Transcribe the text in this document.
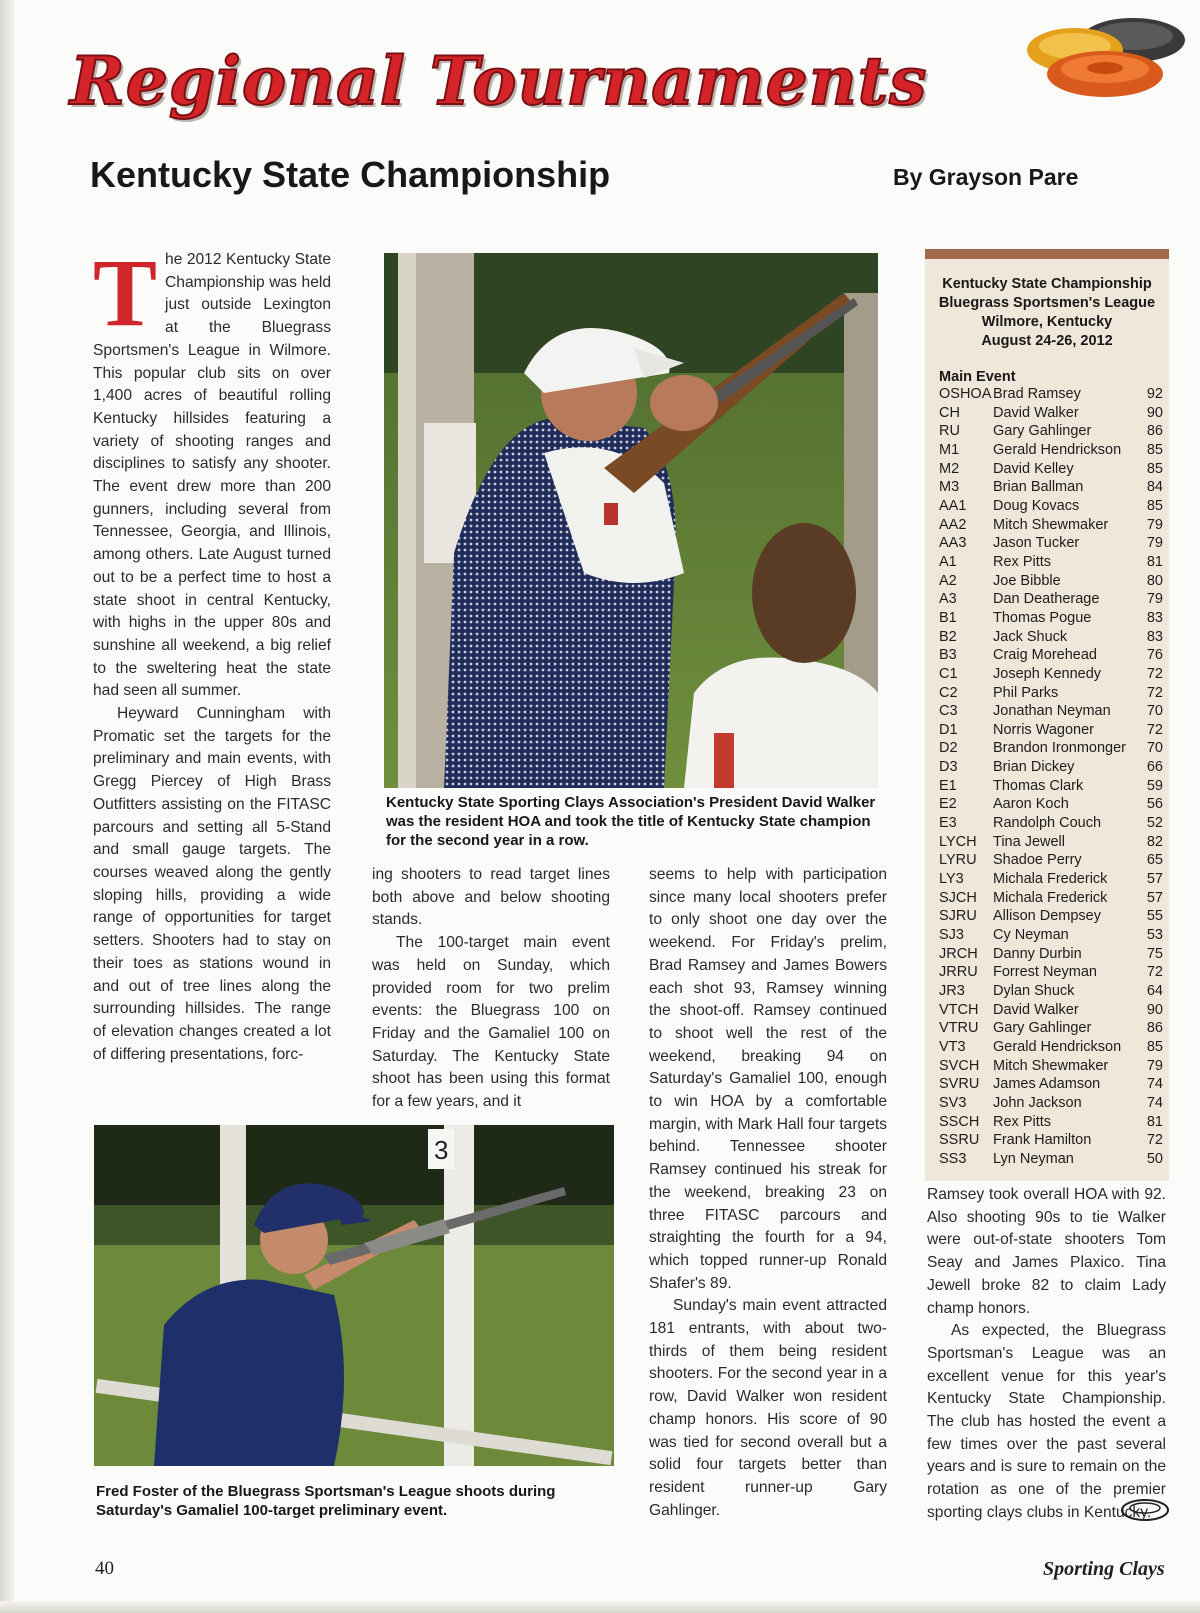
Regional Tournaments
Kentucky State Championship	By Grayson Pare

The 2012 Kentucky State Championship was held just outside Lexington at the Bluegrass Sportsmen's League in Wilmore. This popular club sits on over 1,400 acres of beautiful rolling Kentucky hillsides featuring a variety of shooting ranges and disciplines to satisfy any shooter. The event drew more than 200 gunners, including several from Tennessee, Georgia, and Illinois, among others. Late August turned out to be a perfect time to host a state shoot in central Kentucky, with highs in the upper 80s and sunshine all weekend, a big relief to the sweltering heat the state had seen all summer.

Heyward Cunningham with Promatic set the targets for the preliminary and main events, with Gregg Piercey of High Brass Outfitters assisting on the FITASC parcours and setting all 5-Stand and small gauge targets. The courses weaved along the gently sloping hills, providing a wide range of opportunities for target setters. Shooters had to stay on their toes as stations wound in and out of tree lines along the surrounding hillsides. The range of elevation changes created a lot of differing presentations, forc-

Kentucky State Sporting Clays Association's President David Walker was the resident HOA and took the title of Kentucky State champion for the second year in a row.

ing shooters to read target lines both above and below shooting stands.

The 100-target main event was held on Sunday, which provided room for two prelim events: the Bluegrass 100 on Friday and the Gamaliel 100 on Saturday. The Kentucky State shoot has been using this format for a few years, and it

seems to help with participation since many local shooters prefer to only shoot one day over the weekend. For Friday's prelim, Brad Ramsey and James Bowers each shot 93, Ramsey winning the shoot-off. Ramsey continued to shoot well the rest of the weekend, breaking 94 on Saturday's Gamaliel 100, enough to win HOA by a comfortable margin, with Mark Hall four targets behind. Tennessee shooter Ramsey continued his streak for the weekend, breaking 23 on three FITASC parcours and straighting the fourth for a 94, which topped runner-up Ronald Shafer's 89.

Sunday's main event attracted 181 entrants, with about two-thirds of them being resident shooters. For the second year in a row, David Walker won resident champ honors. His score of 90 was tied for second overall but a solid four targets better than resident runner-up Gary Gahlinger.

3
Fred Foster of the Bluegrass Sportsman's League shoots during Saturday's Gamaliel 100-target preliminary event.
Kentucky State Championship
Bluegrass Sportsmen's League
Wilmore, Kentucky
August 24-26, 2012
Main Event
OSHOA	Brad Ramsey	92
CH	David Walker	90
RU	Gary Gahlinger	86
M1	Gerald Hendrickson	85
M2	David Kelley	85
M3	Brian Ballman	84
AA1	Doug Kovacs	85
AA2	Mitch Shewmaker	79
AA3	Jason Tucker	79
A1	Rex Pitts	81
A2	Joe Bibble	80
A3	Dan Deatherage	79
B1	Thomas Pogue	83
B2	Jack Shuck	83
B3	Craig Morehead	76
C1	Joseph Kennedy	72
C2	Phil Parks	72
C3	Jonathan Neyman	70
D1	Norris Wagoner	72
D2	Brandon Ironmonger	70
D3	Brian Dickey	66
E1	Thomas Clark	59
E2	Aaron Koch	56
E3	Randolph Couch	52
LYCH	Tina Jewell	82
LYRU	Shadoe Perry	65
LY3	Michala Frederick	57
SJCH	Michala Frederick	57
SJRU	Allison Dempsey	55
SJ3	Cy Neyman	53
JRCH	Danny Durbin	75
JRRU	Forrest Neyman	72
JR3	Dylan Shuck	64
VTCH	David Walker	90
VTRU	Gary Gahlinger	86
VT3	Gerald Hendrickson	85
SVCH	Mitch Shewmaker	79
SVRU	James Adamson	74
SV3	John Jackson	74
SSCH	Rex Pitts	81
SSRU	Frank Hamilton	72
SS3	Lyn Neyman	50

Ramsey took overall HOA with 92. Also shooting 90s to tie Walker were out-of-state shooters Tom Seay and James Plaxico. Tina Jewell broke 82 to claim Lady champ honors.

As expected, the Bluegrass Sportsman's League was an excellent venue for this year's Kentucky State Championship. The club has hosted the event a few times over the past several years and is sure to remain on the rotation as one of the premier sporting clays clubs in Kentucky.

40	Sporting Clays
